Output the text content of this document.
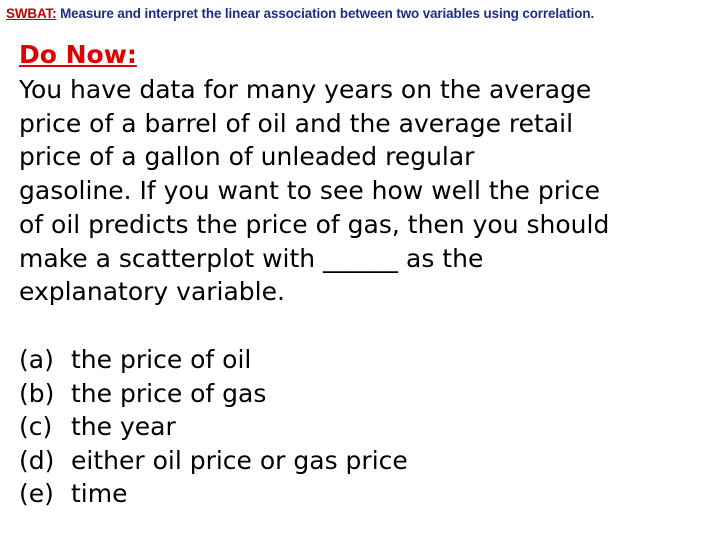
SWBAT: Measure and interpret the linear association between two variables using correlation.
Do Now:
You have data for many years on the average
price of a barrel of oil and the average retail
price of a gallon of unleaded regular
gasoline. If you want to see how well the price
of oil predicts the price of gas, then you should
make a scatterplot with ______ as the
explanatory variable.
(a) the price of oil
(b) the price of gas
(c) the year
(d) either oil price or gas price
(e) time
